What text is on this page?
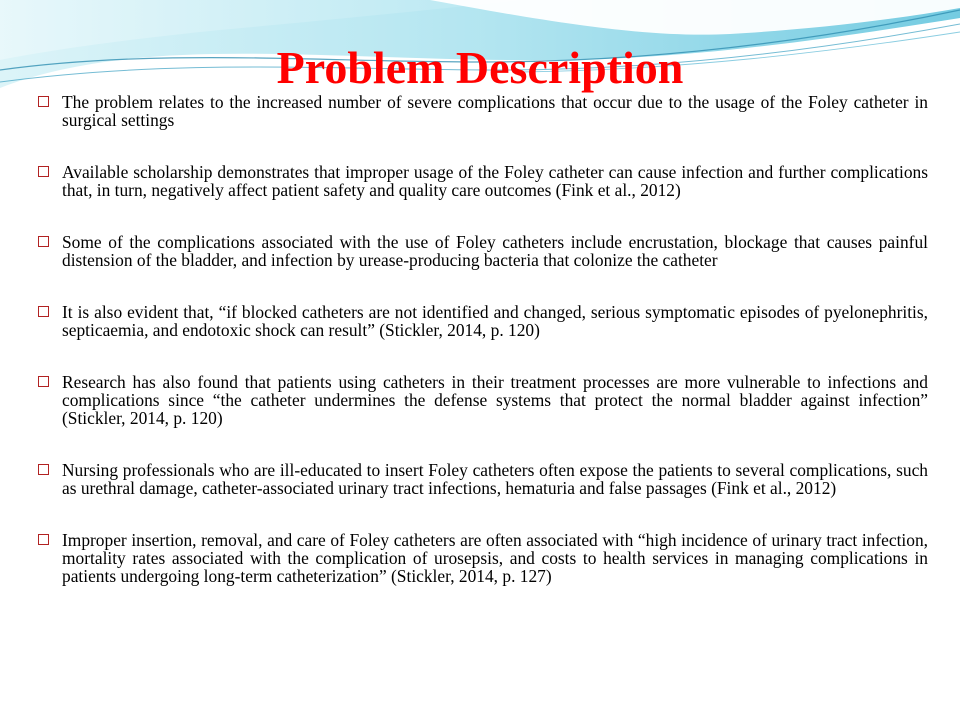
Problem Description
The problem relates to the increased number of severe complications that occur due to the usage of the Foley catheter in surgical settings
Available scholarship demonstrates that improper usage of the Foley catheter can cause infection and further complications that, in turn, negatively affect patient safety and quality care outcomes (Fink et al., 2012)
Some of the complications associated with the use of Foley catheters include encrustation, blockage that causes painful distension of the bladder, and infection by urease-producing bacteria that colonize the catheter
It is also evident that, “if blocked catheters are not identified and changed, serious symptomatic episodes of pyelonephritis, septicaemia, and endotoxic shock can result” (Stickler, 2014, p. 120)
Research has also found that patients using catheters in their treatment processes are more vulnerable to infections and complications since “the catheter undermines the defense systems that protect the normal bladder against infection” (Stickler, 2014, p. 120)
Nursing professionals who are ill-educated to insert Foley catheters often expose the patients to several complications, such as urethral damage, catheter-associated urinary tract infections, hematuria and false passages (Fink et al., 2012)
Improper insertion, removal, and care of Foley catheters are often associated with “high incidence of urinary tract infection, mortality rates associated with the complication of urosepsis, and costs to health services in managing complications in patients undergoing long-term catheterization” (Stickler, 2014, p. 127)
